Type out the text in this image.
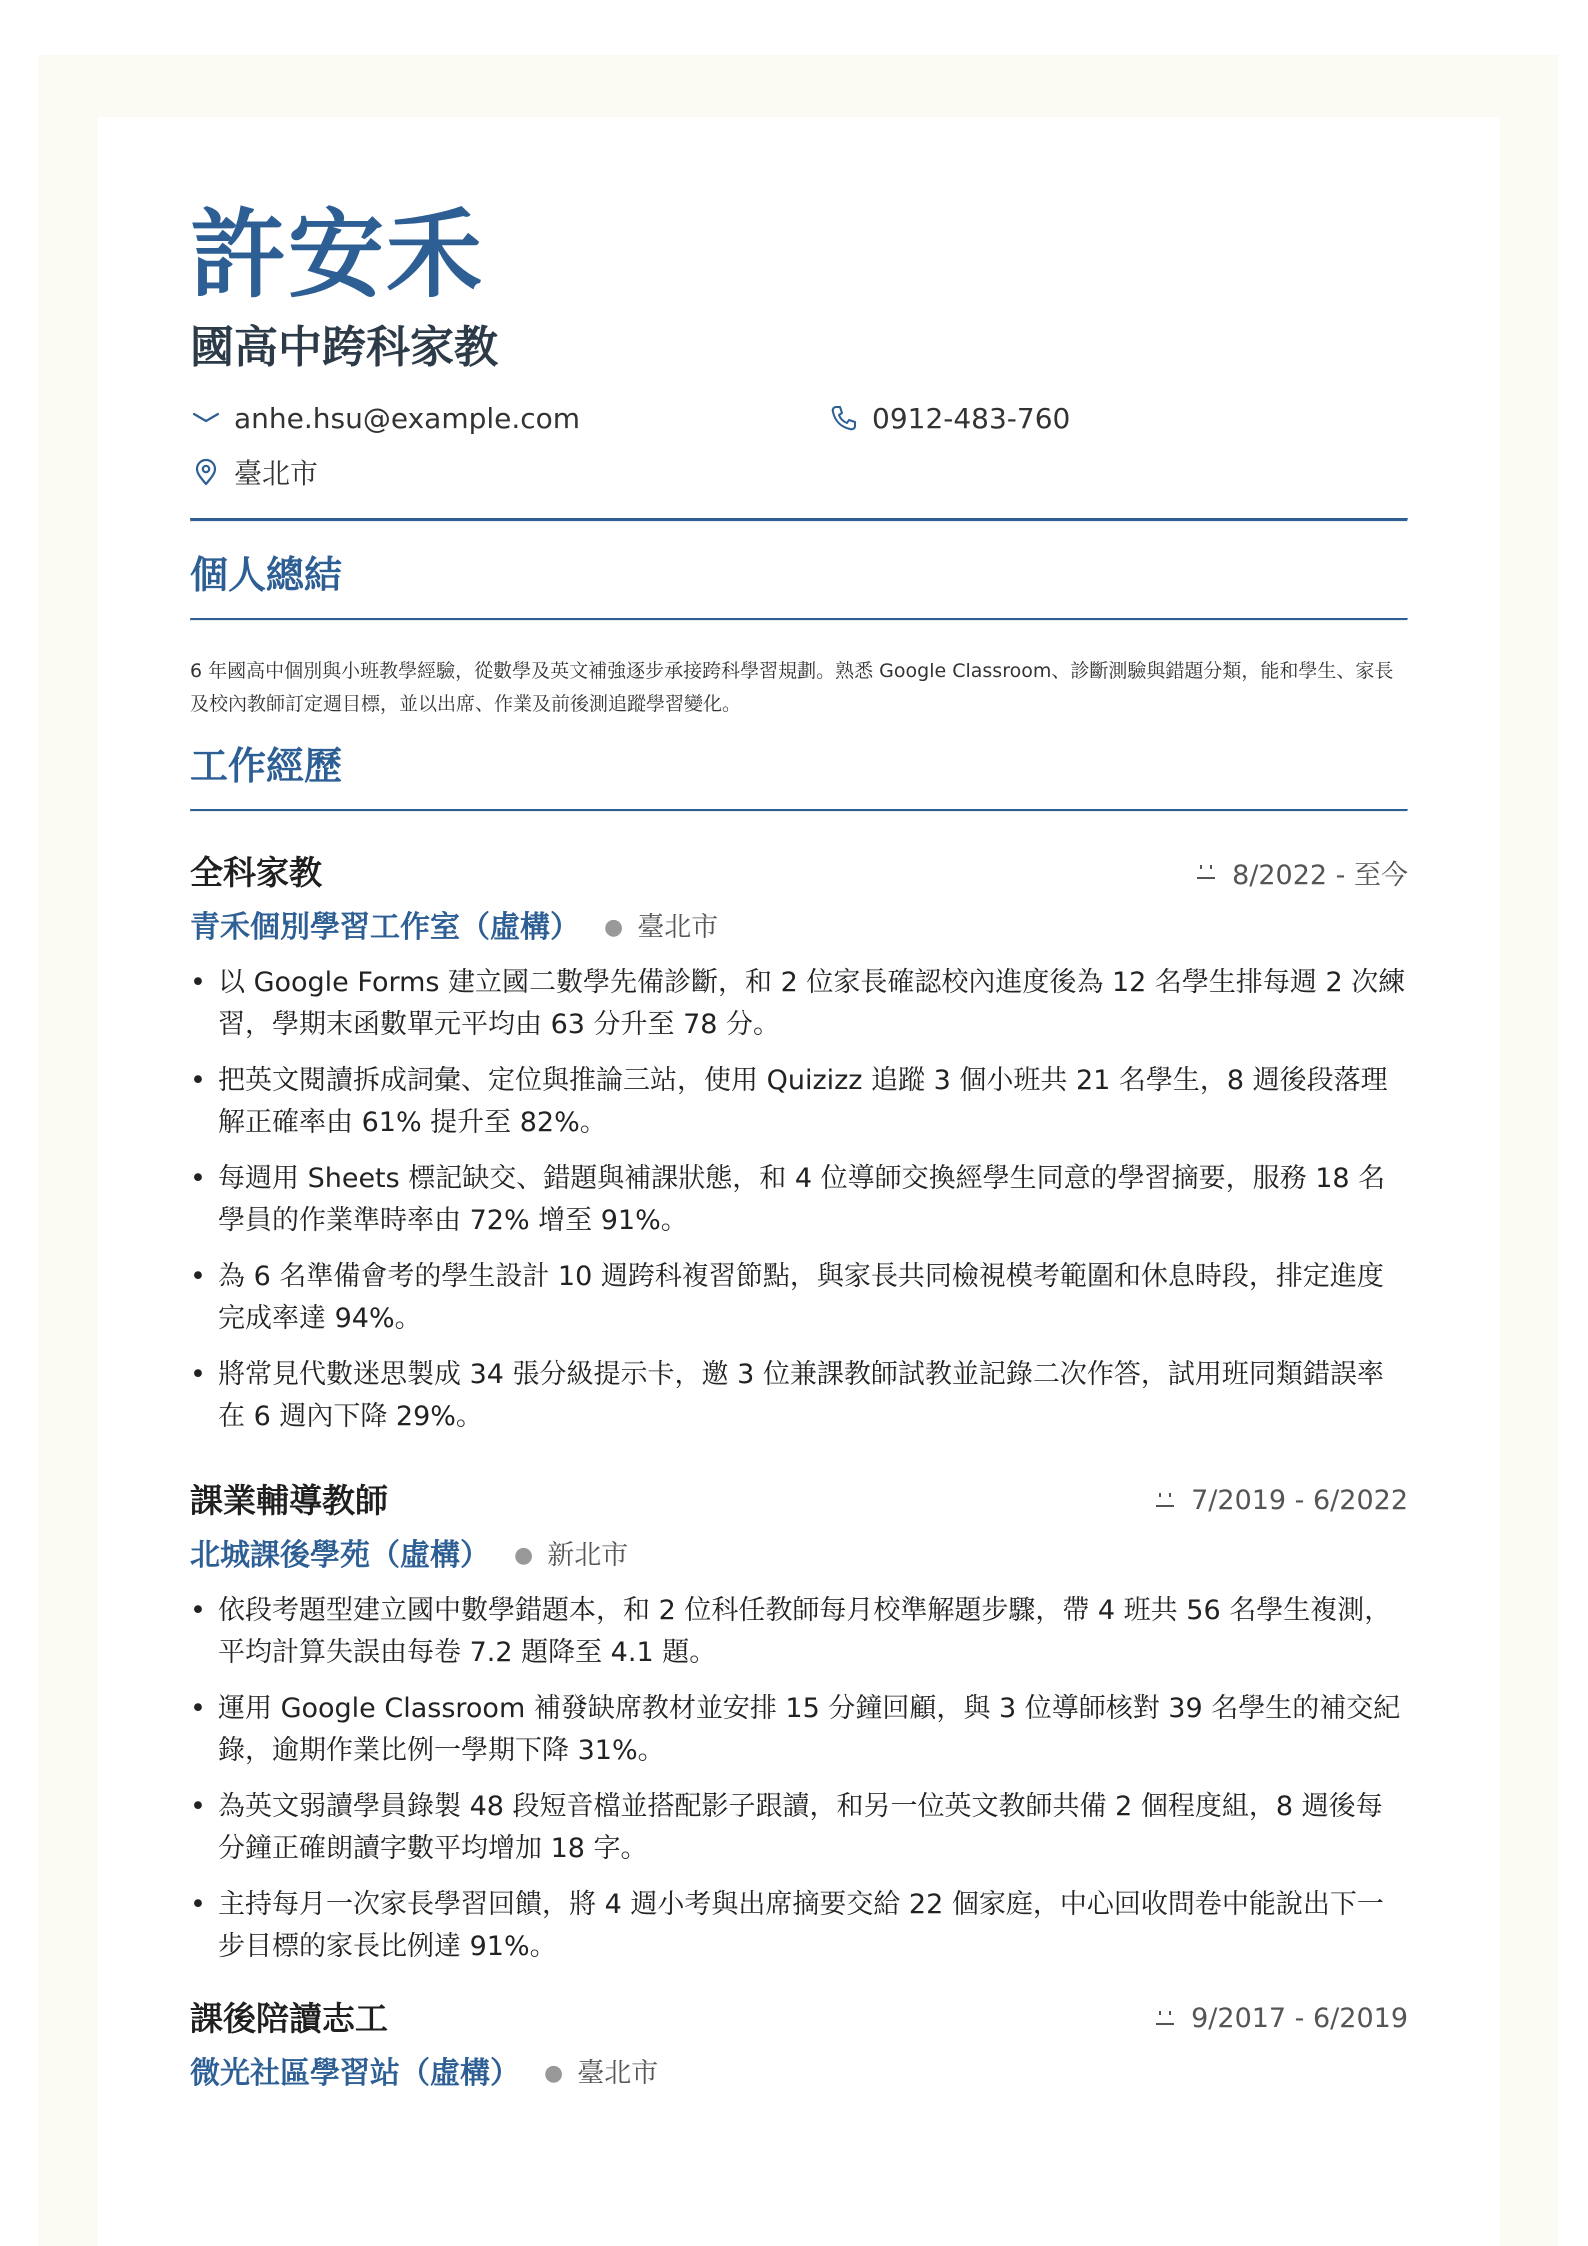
許安禾
國高中跨科家教
anhe.hsu@example.com	0912-483-760
臺北市
個人總結
6 年國高中個別與小班教學經驗，從數學及英文補強逐步承接跨科學習規劃。熟悉 Google Classroom、診斷測驗與錯題分類，能和學生、家長及校內教師訂定週目標，並以出席、作業及前後測追蹤學習變化。
工作經歷
全科家教	8/2022 - 至今
青禾個別學習工作室（虛構） ● 臺北市
• 以 Google Forms 建立國二數學先備診斷，和 2 位家長確認校內進度後為 12 名學生排每週 2 次練習，學期末函數單元平均由 63 分升至 78 分。
• 把英文閱讀拆成詞彙、定位與推論三站，使用 Quizizz 追蹤 3 個小班共 21 名學生，8 週後段落理解正確率由 61% 提升至 82%。
• 每週用 Sheets 標記缺交、錯題與補課狀態，和 4 位導師交換經學生同意的學習摘要，服務 18 名學員的作業準時率由 72% 增至 91%。
• 為 6 名準備會考的學生設計 10 週跨科複習節點，與家長共同檢視模考範圍和休息時段，排定進度完成率達 94%。
• 將常見代數迷思製成 34 張分級提示卡，邀 3 位兼課教師試教並記錄二次作答，試用班同類錯誤率在 6 週內下降 29%。
課業輔導教師	7/2019 - 6/2022
北城課後學苑（虛構） ● 新北市
• 依段考題型建立國中數學錯題本，和 2 位科任教師每月校準解題步驟，帶 4 班共 56 名學生複測，平均計算失誤由每卷 7.2 題降至 4.1 題。
• 運用 Google Classroom 補發缺席教材並安排 15 分鐘回顧，與 3 位導師核對 39 名學生的補交紀錄，逾期作業比例一學期下降 31%。
• 為英文弱讀學員錄製 48 段短音檔並搭配影子跟讀，和另一位英文教師共備 2 個程度組，8 週後每分鐘正確朗讀字數平均增加 18 字。
• 主持每月一次家長學習回饋，將 4 週小考與出席摘要交給 22 個家庭，中心回收問卷中能說出下一步目標的家長比例達 91%。
課後陪讀志工	9/2017 - 6/2019
微光社區學習站（虛構） ● 臺北市
